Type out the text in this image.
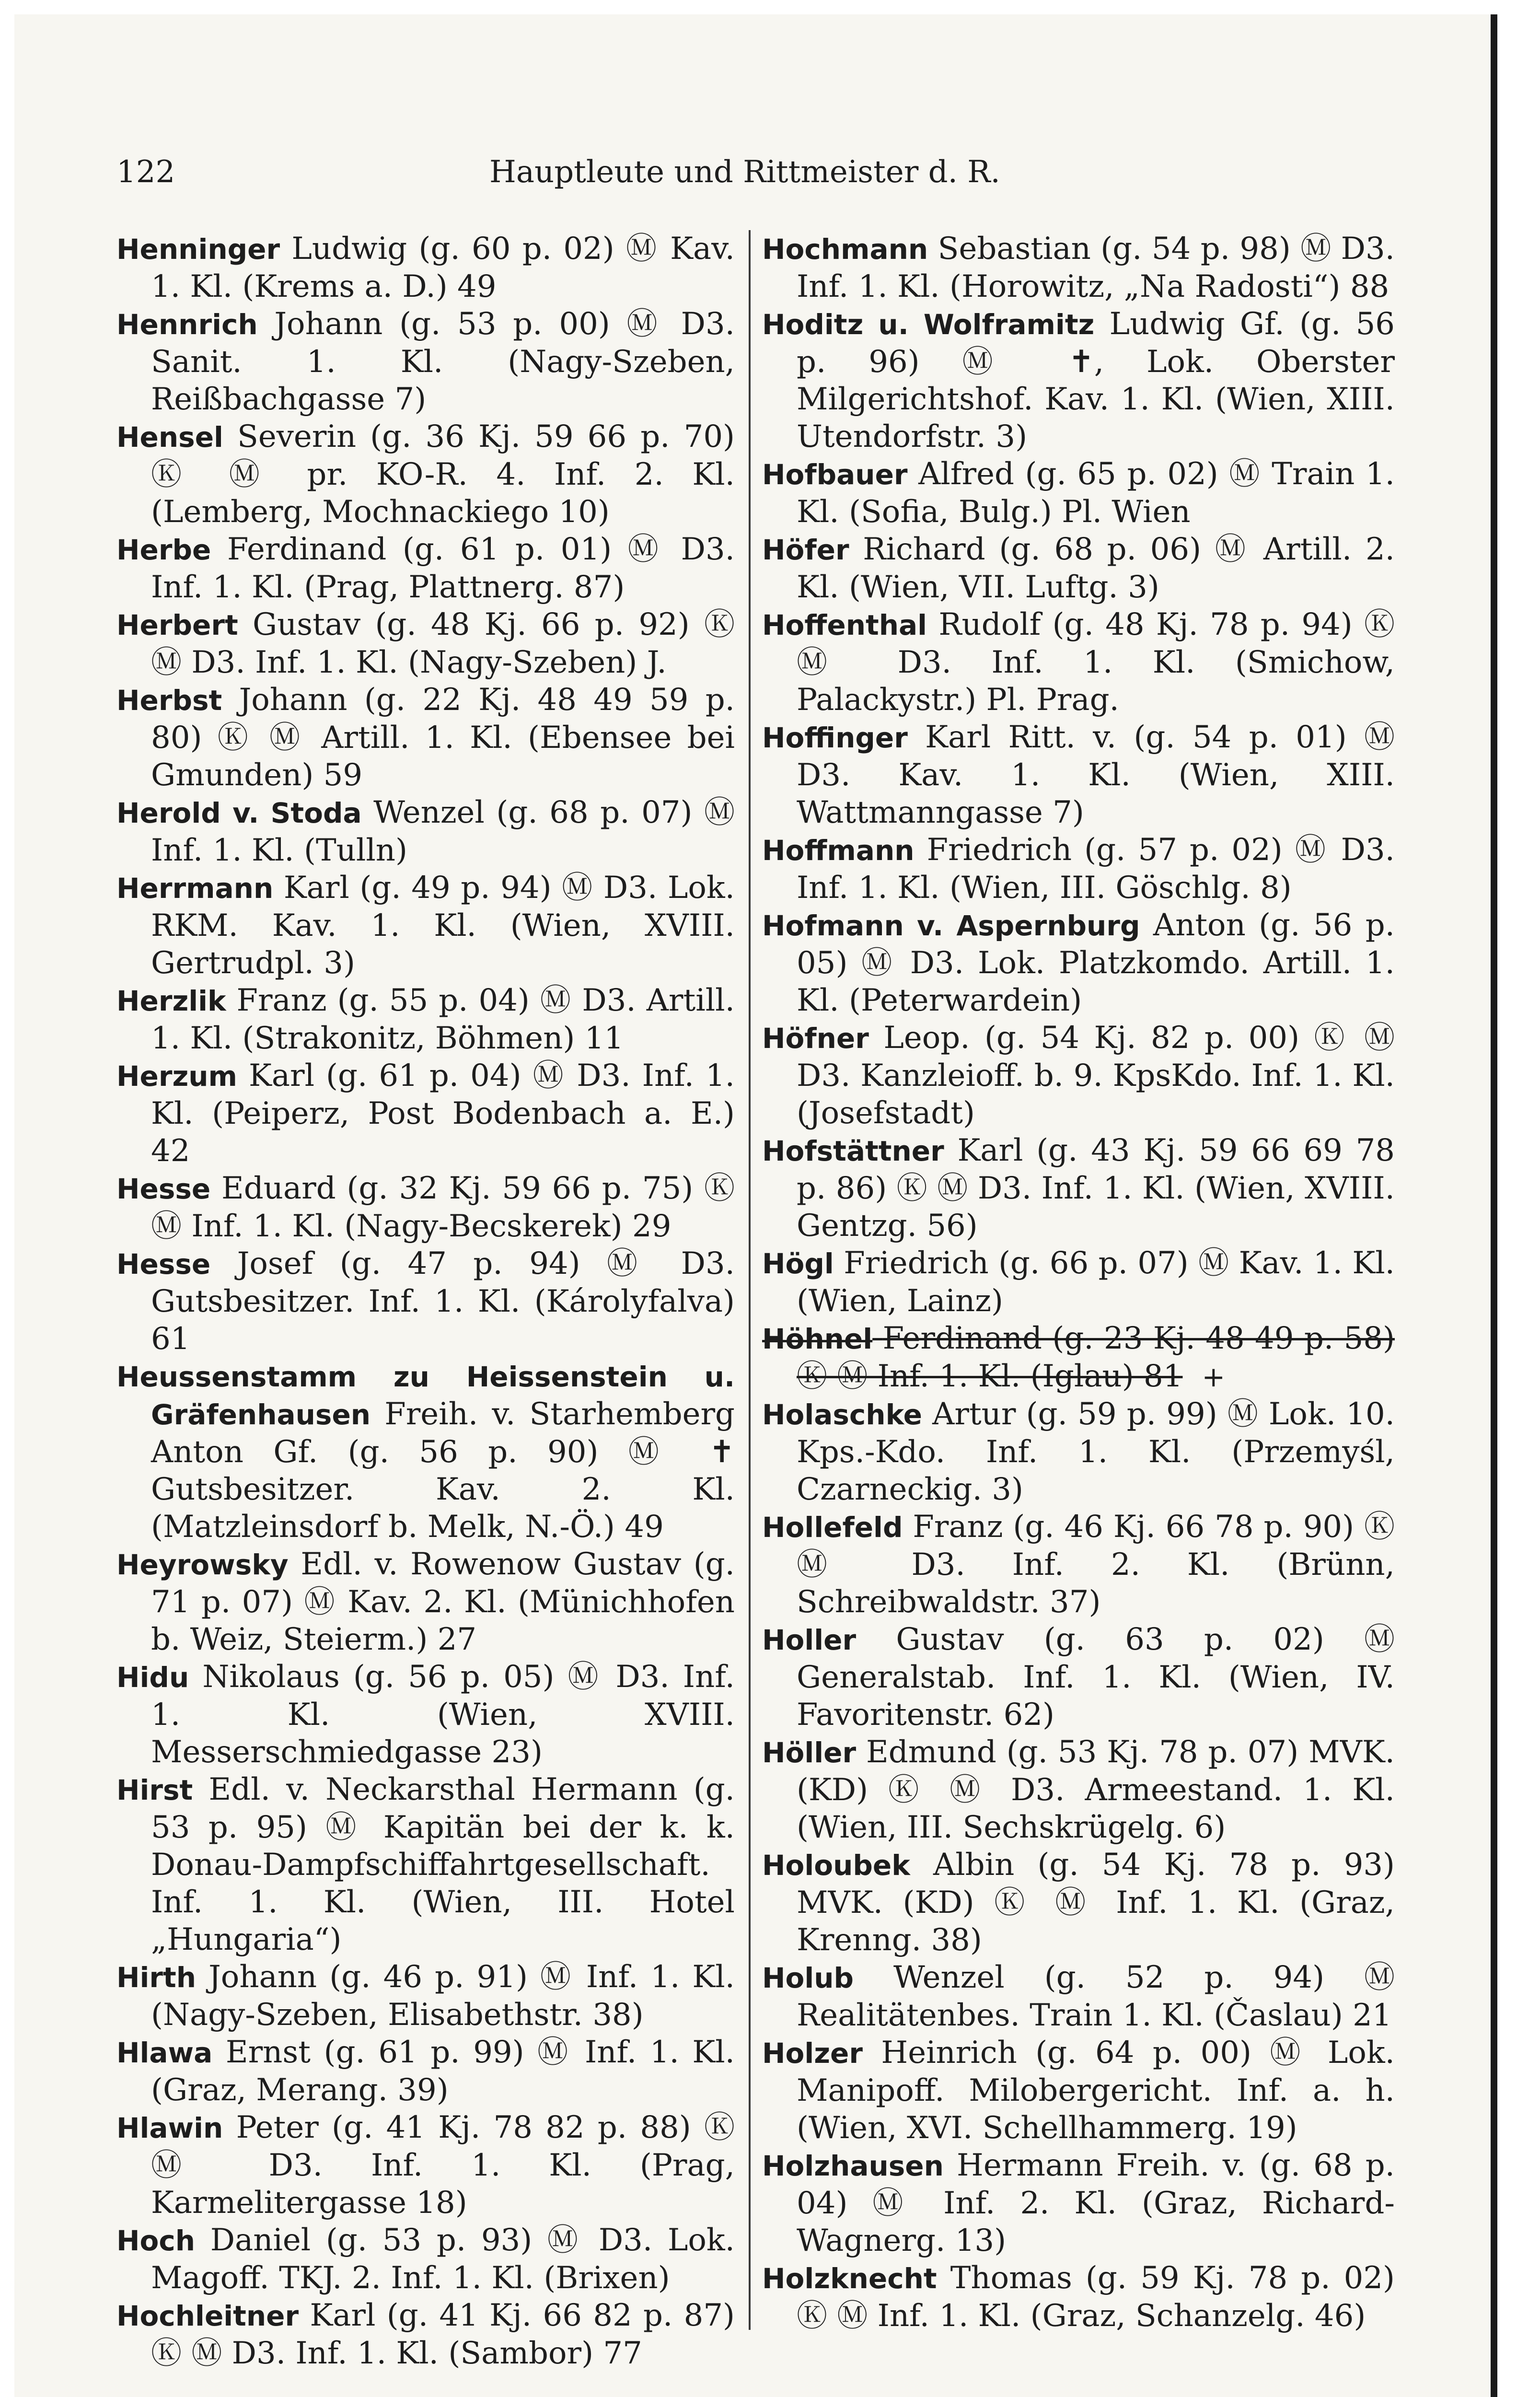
122	Hauptleute und Rittmeister d. R.

Henninger Ludwig (g. 60 p. 02) Ⓜ Kav. 1. Kl. (Krems a. D.) 49

Hennrich Johann (g. 53 p. 00) Ⓜ D3. Sanit. 1. Kl. (Nagy-Szeben, Reißbachgasse 7)

Hensel Severin (g. 36 Kj. 59 66 p. 70) Ⓚ Ⓜ pr. KO-R. 4. Inf. 2. Kl. (Lemberg, Mochnackiego 10)

Herbe Ferdinand (g. 61 p. 01) Ⓜ D3. Inf. 1. Kl. (Prag, Plattnerg. 87)

Herbert Gustav (g. 48 Kj. 66 p. 92) Ⓚ Ⓜ D3. Inf. 1. Kl. (Nagy-Szeben) J.

Herbst Johann (g. 22 Kj. 48 49 59 p. 80) Ⓚ Ⓜ Artill. 1. Kl. (Ebensee bei Gmunden) 59

Herold v. Stoda Wenzel (g. 68 p. 07) Ⓜ Inf. 1. Kl. (Tulln)

Herrmann Karl (g. 49 p. 94) Ⓜ D3. Lok. RKM. Kav. 1. Kl. (Wien, XVIII. Gertrudpl. 3)

Herzlik Franz (g. 55 p. 04) Ⓜ D3. Artill. 1. Kl. (Strakonitz, Böhmen) 11

Herzum Karl (g. 61 p. 04) Ⓜ D3. Inf. 1. Kl. (Peiperz, Post Bodenbach a. E.) 42

Hesse Eduard (g. 32 Kj. 59 66 p. 75) Ⓚ Ⓜ Inf. 1. Kl. (Nagy-Becskerek) 29

Hesse Josef (g. 47 p. 94) Ⓜ D3. Gutsbesitzer. Inf. 1. Kl. (Károlyfalva) 61

Heussenstamm zu Heissenstein u. Gräfenhausen Freih. v. Starhemberg Anton Gf. (g. 56 p. 90) Ⓜ ✝ Gutsbesitzer. Kav. 2. Kl. (Matzleinsdorf b. Melk, N.-Ö.) 49

Heyrowsky Edl. v. Rowenow Gustav (g. 71 p. 07) Ⓜ Kav. 2. Kl. (Münichhofen b. Weiz, Steierm.) 27

Hidu Nikolaus (g. 56 p. 05) Ⓜ D3. Inf. 1. Kl. (Wien, XVIII. Messerschmiedgasse 23)

Hirst Edl. v. Neckarsthal Hermann (g. 53 p. 95) Ⓜ Kapitän bei der k. k. Donau-Dampfschiffahrtgesellschaft. Inf. 1. Kl. (Wien, III. Hotel „Hungaria“)

Hirth Johann (g. 46 p. 91) Ⓜ Inf. 1. Kl. (Nagy-Szeben, Elisabethstr. 38)

Hlawa Ernst (g. 61 p. 99) Ⓜ Inf. 1. Kl. (Graz, Merang. 39)

Hlawin Peter (g. 41 Kj. 78 82 p. 88) Ⓚ Ⓜ D3. Inf. 1. Kl. (Prag, Karmelitergasse 18)

Hoch Daniel (g. 53 p. 93) Ⓜ D3. Lok. Magoff. TKJ. 2. Inf. 1. Kl. (Brixen)

Hochleitner Karl (g. 41 Kj. 66 82 p. 87) Ⓚ Ⓜ D3. Inf. 1. Kl. (Sambor) 77

Hochmann Sebastian (g. 54 p. 98) Ⓜ D3. Inf. 1. Kl. (Horowitz, „Na Radosti“) 88

Hoditz u. Wolframitz Ludwig Gf. (g. 56 p. 96) Ⓜ ✝, Lok. Oberster Milgerichtshof. Kav. 1. Kl. (Wien, XIII. Utendorfstr. 3)

Hofbauer Alfred (g. 65 p. 02) Ⓜ Train 1. Kl. (Sofia, Bulg.) Pl. Wien

Höfer Richard (g. 68 p. 06) Ⓜ Artill. 2. Kl. (Wien, VII. Luftg. 3)

Hoffenthal Rudolf (g. 48 Kj. 78 p. 94) Ⓚ Ⓜ D3. Inf. 1. Kl. (Smichow, Palackystr.) Pl. Prag.

Hoffinger Karl Ritt. v. (g. 54 p. 01) Ⓜ D3. Kav. 1. Kl. (Wien, XIII. Wattmanngasse 7)

Hoffmann Friedrich (g. 57 p. 02) Ⓜ D3. Inf. 1. Kl. (Wien, III. Göschlg. 8)

Hofmann v. Aspernburg Anton (g. 56 p. 05) Ⓜ D3. Lok. Platzkomdo. Artill. 1. Kl. (Peterwardein)

Höfner Leop. (g. 54 Kj. 82 p. 00) Ⓚ Ⓜ D3. Kanzleioff. b. 9. KpsKdo. Inf. 1. Kl. (Josefstadt)

Hofstättner Karl (g. 43 Kj. 59 66 69 78 p. 86) Ⓚ Ⓜ D3. Inf. 1. Kl. (Wien, XVIII. Gentzg. 56)

Högl Friedrich (g. 66 p. 07) Ⓜ Kav. 1. Kl. (Wien, Lainz)

Höhnel Ferdinand (g. 23 Kj. 48 49 p. 58) Ⓚ Ⓜ Inf. 1. Kl. (Iglau) 81 +

Holaschke Artur (g. 59 p. 99) Ⓜ Lok. 10. Kps.-Kdo. Inf. 1. Kl. (Przemyśl, Czarneckig. 3)

Hollefeld Franz (g. 46 Kj. 66 78 p. 90) Ⓚ Ⓜ D3. Inf. 2. Kl. (Brünn, Schreibwaldstr. 37)

Holler Gustav (g. 63 p. 02) Ⓜ Generalstab. Inf. 1. Kl. (Wien, IV. Favoritenstr. 62)

Höller Edmund (g. 53 Kj. 78 p. 07) MVK. (KD) Ⓚ Ⓜ D3. Armeestand. 1. Kl. (Wien, III. Sechskrügelg. 6)

Holoubek Albin (g. 54 Kj. 78 p. 93) MVK. (KD) Ⓚ Ⓜ Inf. 1. Kl. (Graz, Krenng. 38)

Holub Wenzel (g. 52 p. 94) Ⓜ Realitätenbes. Train 1. Kl. (Časlau) 21

Holzer Heinrich (g. 64 p. 00) Ⓜ Lok. Manipoff. Milobergericht. Inf. a. h. (Wien, XVI. Schellhammerg. 19)

Holzhausen Hermann Freih. v. (g. 68 p. 04) Ⓜ Inf. 2. Kl. (Graz, Richard-Wagnerg. 13)

Holzknecht Thomas (g. 59 Kj. 78 p. 02) Ⓚ Ⓜ Inf. 1. Kl. (Graz, Schanzelg. 46)
